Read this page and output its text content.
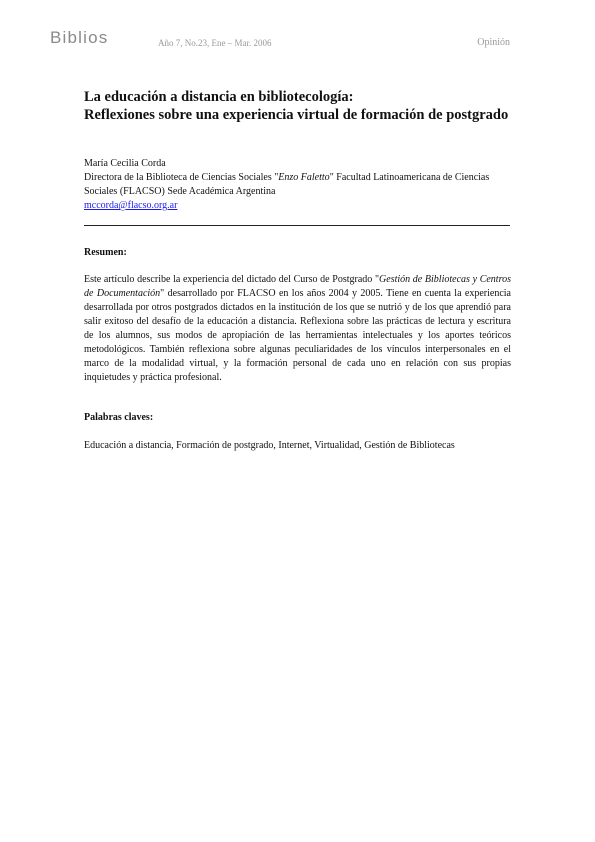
Biblios	Año 7, No.23, Ene – Mar. 2006	Opinión
La educación a distancia en bibliotecología:
Reflexiones sobre una experiencia virtual de formación de postgrado
María Cecilia Corda
Directora de la Biblioteca de Ciencias Sociales "Enzo Faletto" Facultad Latinoamericana de Ciencias Sociales (FLACSO) Sede Académica Argentina
mccorda@flacso.org.ar
Resumen:
Este artículo describe la experiencia del dictado del Curso de Postgrado "Gestión de Bibliotecas y Centros de Documentación" desarrollado por FLACSO en los años 2004 y 2005. Tiene en cuenta la experiencia desarrollada por otros postgrados dictados en la institución de los que se nutrió y de los que aprendió para salir exitoso del desafío de la educación a distancia. Reflexiona sobre las prácticas de lectura y escritura de los alumnos, sus modos de apropiación de las herramientas intelectuales y los aportes teóricos metodológicos. También reflexiona sobre algunas peculiaridades de los vínculos interpersonales en el marco de la modalidad virtual, y la formación personal de cada uno en relación con sus propias inquietudes y práctica profesional.
Palabras claves:
Educación a distancia, Formación de postgrado, Internet, Virtualidad, Gestión de Bibliotecas
